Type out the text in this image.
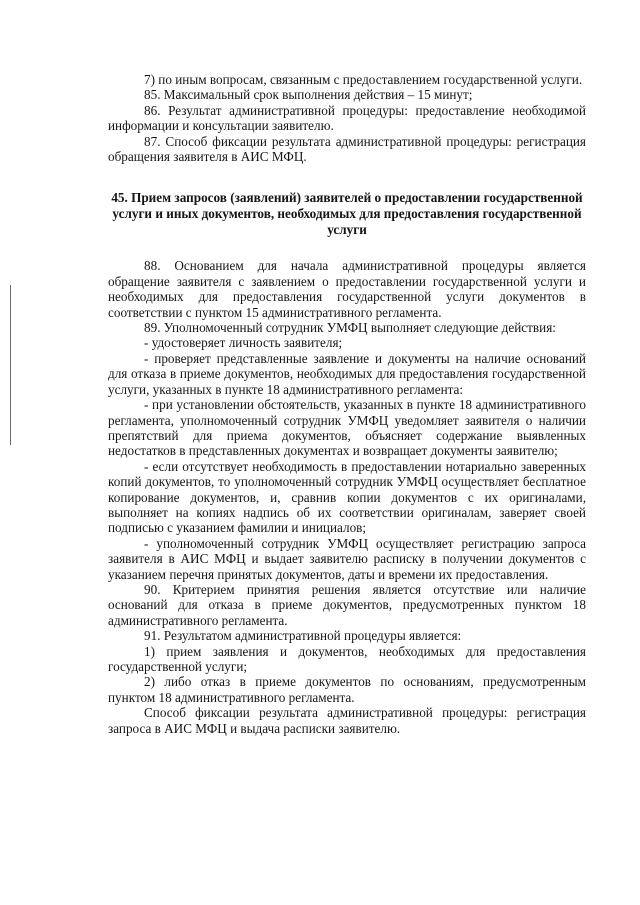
7) по иным вопросам, связанным с предоставлением государственной услуги.

85. Максимальный срок выполнения действия – 15 минут;

86. Результат административной процедуры: предоставление необходимой информации и консультации заявителю.

87. Способ фиксации результата административной процедуры: регистрация обращения заявителя в АИС МФЦ.

45. Прием запросов (заявлений) заявителей о предоставлении государственной услуги и иных документов, необходимых для предоставления государственной услуги

88. Основанием для начала административной процедуры является обращение заявителя с заявлением о предоставлении государственной услуги и необходимых для предоставления государственной услуги документов в соответствии с пунктом 15 административного регламента.

89. Уполномоченный сотрудник УМФЦ выполняет следующие действия:

- удостоверяет личность заявителя;

- проверяет представленные заявление и документы на наличие оснований для отказа в приеме документов, необходимых для предоставления государственной услуги, указанных в пункте 18 административного регламента:

- при установлении обстоятельств, указанных в пункте 18 административного регламента, уполномоченный сотрудник УМФЦ уведомляет заявителя о наличии препятствий для приема документов, объясняет содержание выявленных недостатков в представленных документах и возвращает документы заявителю;

- если отсутствует необходимость в предоставлении нотариально заверенных копий документов, то уполномоченный сотрудник УМФЦ осуществляет бесплатное копирование документов, и, сравнив копии документов с их оригиналами, выполняет на копиях надпись об их соответствии оригиналам, заверяет своей подписью с указанием фамилии и инициалов;

- уполномоченный сотрудник УМФЦ осуществляет регистрацию запроса заявителя в АИС МФЦ и выдает заявителю расписку в получении документов с указанием перечня принятых документов, даты и времени их предоставления.

90. Критерием принятия решения является отсутствие или наличие оснований для отказа в приеме документов, предусмотренных пунктом 18 административного регламента.

91. Результатом административной процедуры является:

1) прием заявления и документов, необходимых для предоставления государственной услуги;

2) либо отказ в приеме документов по основаниям, предусмотренным пунктом 18 административного регламента.

Способ фиксации результата административной процедуры: регистрация запроса в АИС МФЦ и выдача расписки заявителю.
